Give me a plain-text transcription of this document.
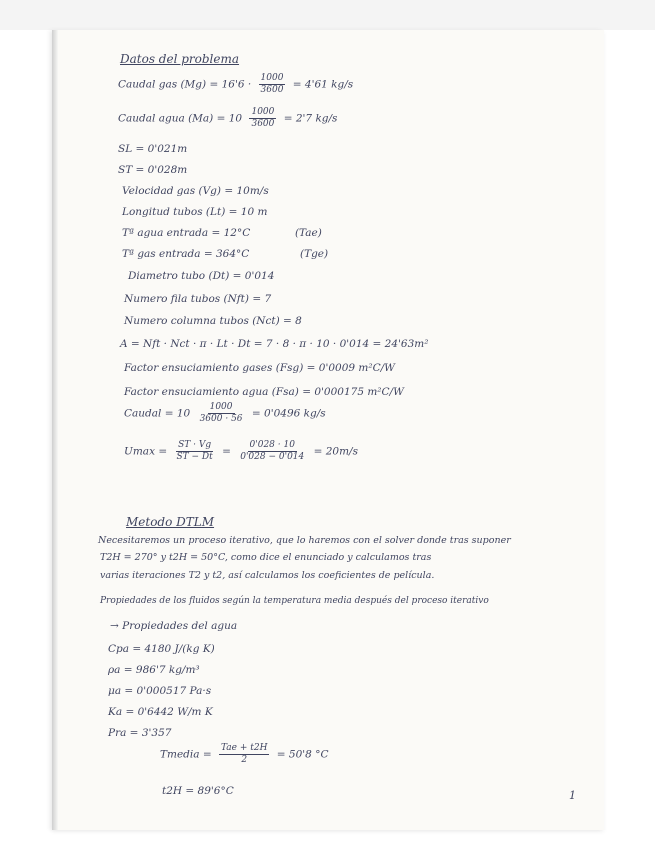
Datos del problema
Caudal gas $(Mg) = 16'6 \cdot \frac{1000}{3600} = 4'61$ kg/s
Caudal agua $(Ma) = 10 \frac{1000}{3600} = 2'7$ kg/s
SL = 0'021m
ST = 0'028m
Velocidad gas (Vg) = 10m/s
Longitud tubos (Lt) = 10 m
Tª agua entrada = 12°C	(Tae)
Tª gas entrada = 364°C	(Tge)
Diametro tubo (Dt) = 0'014
Numero fila tubos (Nft) = 7
Numero columna tubos (Nct) = 8
A = Nft · Nct · π · Lt · Dt = 7 · 8 · π · 10 · 0'014 = 24'63m²
Factor ensuciamiento gases (Fsg) = 0'0009 m²C/W
Factor ensuciamiento agua (Fsa) = 0'000175 m²C/W
Caudal = $10 \frac{1000}{3600 \cdot 56} = 0'0496$ kg/s
$Umax = \frac{ST \cdot Vg}{ST - Dt} = \frac{0'028 \cdot 10}{0'028 - 0'014} = 20m/s$
Metodo DTLM
Necesitaremos un proceso iterativo, que lo haremos con el solver donde tras suponer
T2H = 270° y t2H = 50°C, como dice el enunciado y calculamos tras
varias iteraciones T2 y t2, así calculamos los coeficientes de película.
Propiedades de los fluidos según la temperatura media después del proceso iterativo
→ Propiedades del agua
Cpa = 4180 J/(kg K)
ρa = 986'7 kg/m³
μa = 0'000517 Pa·s
Ka = 0'6442 W/m K
Pra = 3'357
Tmedia = $\frac{\text{Tae + t2H}}{2} = 50'8$ °C
t2H = 89'6°C	1
